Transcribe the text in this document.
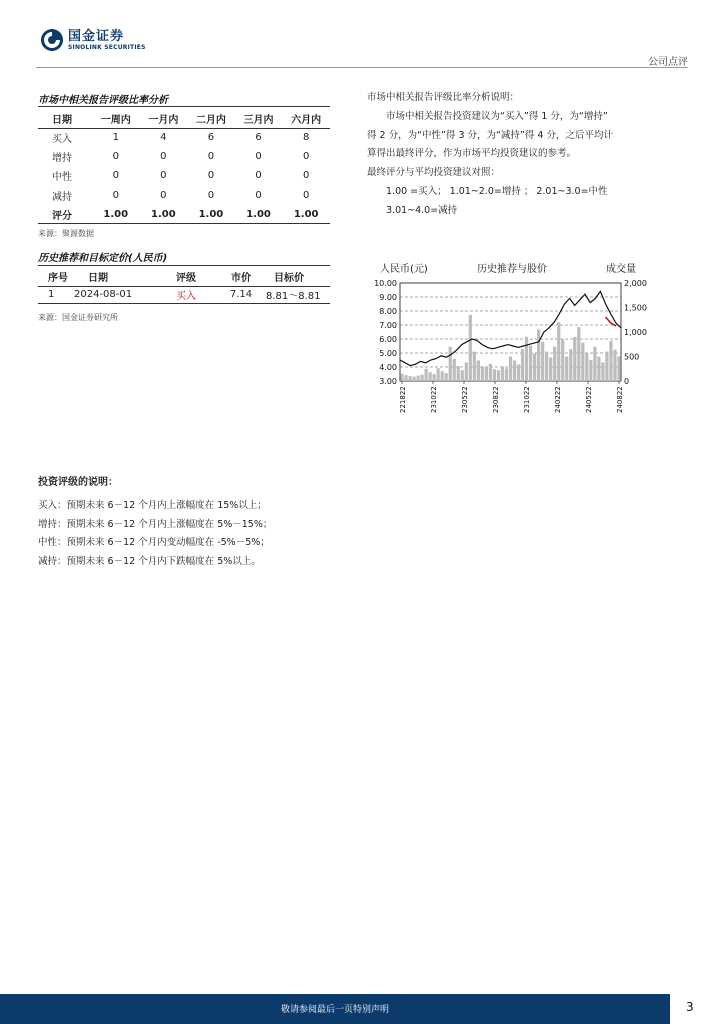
国金证券
SINOLINK SECURITIES
公司点评
市场中相关报告评级比率分析
日期	一周内	一月内	二月内	三月内	六月内
买入	1	4	6	6	8
增持	0	0	0	0	0
中性	0	0	0	0	0
减持	0	0	0	0	0
评分	1.00	1.00	1.00	1.00	1.00
来源：聚源数据
历史推荐和目标定价(人民币)
序号	日期	评级	市价	目标价
1	2024-08-01	买入	7.14	8.81～8.81
来源：国金证券研究所
市场中相关报告评级比率分析说明：
市场中相关报告投资建议为“买入”得 1 分，为“增持”
得 2 分，为“中性”得 3 分，为“减持”得 4 分，之后平均计
算得出最终评分，作为市场平均投资建议的参考。
最终评分与平均投资建议对照：
1.00 =买入； 1.01~2.0=增持 ； 2.01~3.0=中性
3.01~4.0=减持
人民币(元)	历史推荐与股价	成交量
10.00
9.00
8.00
7.00
6.00
5.00
4.00
3.00
2,000
1,500
1,000
500
0
221822	231022	230522	230822	231022	240222	240522	240822
投资评级的说明：
买入：预期未来 6－12 个月内上涨幅度在 15%以上；
增持：预期未来 6－12 个月内上涨幅度在 5%－15%；
中性：预期未来 6－12 个月内变动幅度在 -5%－5%；
减持：预期未来 6－12 个月内下跌幅度在 5%以上。
敬请参阅最后一页特别声明	3
